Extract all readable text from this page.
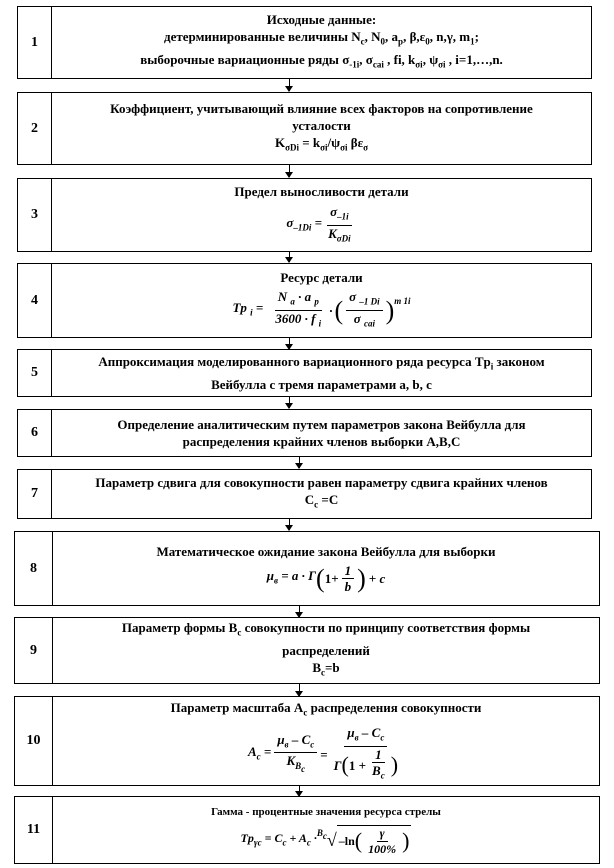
1
Исходные данные:
детерминированные величины $N_c$, $N_0$, $a_p$, $\beta,\varepsilon_0$, n,γ, $m_1$;
выборочные вариационные ряды $\sigma_{-1i}$, $\sigma_{cai}$ , fi, $k_{\sigma i}$, $\psi_{\sigma i}$ , i=1,…,n.
2
Коэффициент, учитывающий влияние всех факторов на сопротивление
усталости
$K_{\sigma Di} = k_{\sigma i}/\psi_{\sigma i}$ $\beta\varepsilon_\sigma$
3
Предел выносливости детали
$\sigma_{-1Di} = \frac{\sigma_{-1i}}{K_{\sigma Di}}$
4
Ресурс детали
Tp $_i = \frac{N _a \cdot a _p}{3600 \cdot f _i}$ · ( $\frac{\sigma _{-1 Di}}{\sigma _{cai}} )^{m 1i}$
5
Аппроксимация моделированного вариационного ряда ресурса $Tp_i$ законом
Вейбулла с тремя параметрами a, b, c
6
Определение аналитическим путем параметров закона Вейбулла для
распределения крайних членов выборки A,B,C
7
Параметр сдвига для совокупности равен параметру сдвига крайних членов
$C_c =C$
8
Математическое ожидание закона Вейбулла для выборки
$\mu_в = a \cdot \Gamma$ ( $1+ \frac{1}{b}$ ) + c
9
Параметр формы $B_c$ совокупности по принципу соответствия формы
распределений
$B_c=b$
10
Параметр масштаба $A_c$ распределения совокупности
$A_c = \frac{\mu_в - C_c}{K_{B_c}}$ =
$\mu_в - C_c$
Γ ( $1 + \frac{1}{B_c}$ )
11
Гамма - процентные значения ресурса стрелы
$Tp_{\gamma c} = C_c + A_c \cdot B_c$ √ –ln ( $\frac{\gamma}{100\%}$ )
